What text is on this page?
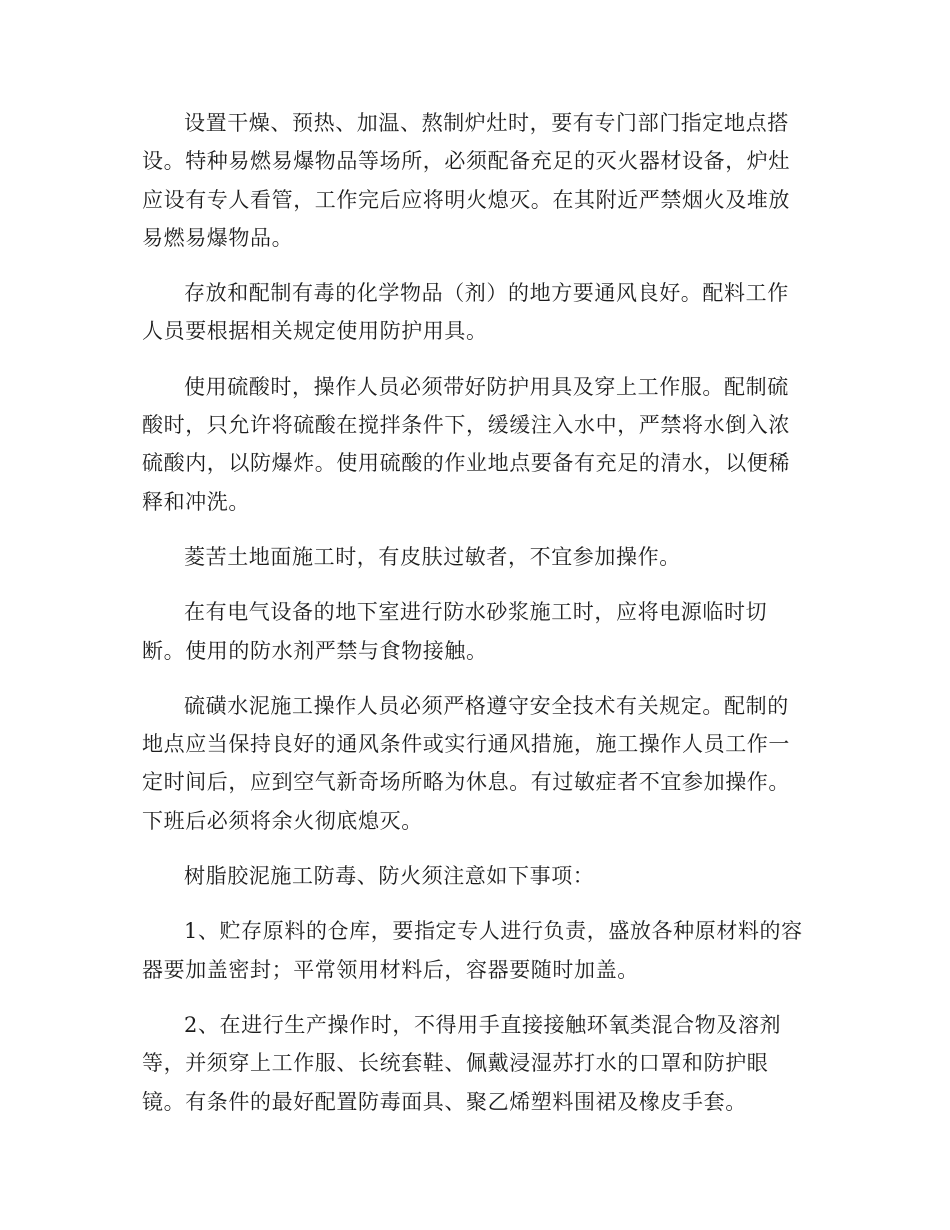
设置干燥、预热、加温、熬制炉灶时，要有专门部门指定地点搭设。特种易燃易爆物品等场所，必须配备充足的灭火器材设备，炉灶应设有专人看管，工作完后应将明火熄灭。在其附近严禁烟火及堆放易燃易爆物品。

存放和配制有毒的化学物品（剂）的地方要通风良好。配料工作人员要根据相关规定使用防护用具。

使用硫酸时，操作人员必须带好防护用具及穿上工作服。配制硫酸时，只允许将硫酸在搅拌条件下，缓缓注入水中，严禁将水倒入浓硫酸内，以防爆炸。使用硫酸的作业地点要备有充足的清水，以便稀释和冲洗。

菱苦土地面施工时，有皮肤过敏者，不宜参加操作。

在有电气设备的地下室进行防水砂浆施工时，应将电源临时切断。使用的防水剂严禁与食物接触。

硫磺水泥施工操作人员必须严格遵守安全技术有关规定。配制的地点应当保持良好的通风条件或实行通风措施，施工操作人员工作一定时间后，应到空气新奇场所略为休息。有过敏症者不宜参加操作。下班后必须将余火彻底熄灭。

树脂胶泥施工防毒、防火须注意如下事项：

1、贮存原料的仓库，要指定专人进行负责，盛放各种原材料的容器要加盖密封；平常领用材料后，容器要随时加盖。

2、在进行生产操作时，不得用手直接接触环氧类混合物及溶剂等，并须穿上工作服、长统套鞋、佩戴浸湿苏打水的口罩和防护眼镜。有条件的最好配置防毒面具、聚乙烯塑料围裙及橡皮手套。
